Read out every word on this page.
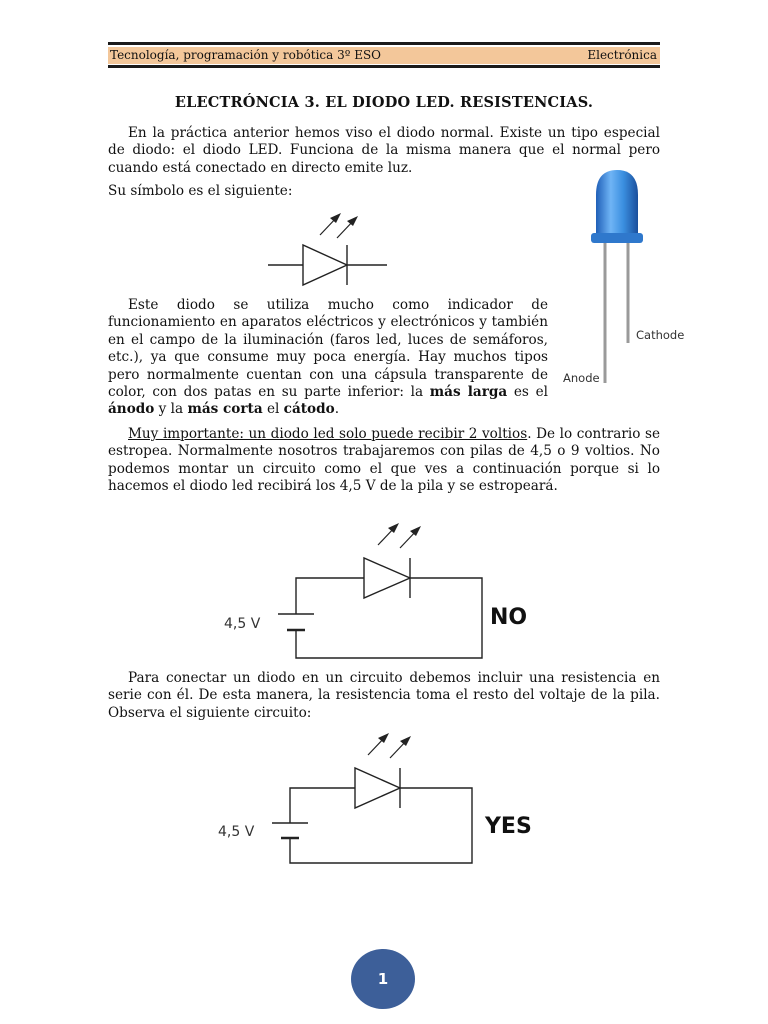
Tecnología, programación y robótica 3º ESO	Electrónica
ELECTRÓNCIA 3. EL DIODO LED. RESISTENCIAS.

En la práctica anterior hemos viso el diodo normal. Existe un tipo especial de diodo: el diodo LED. Funciona de la misma manera que el normal pero cuando está conectado en directo emite luz.

Su símbolo es el siguiente:

Cathode
Anode

Este diodo se utiliza mucho como indicador de funcionamiento en aparatos eléctricos y electrónicos y también en el campo de la iluminación (faros led, luces de semáforos, etc.), ya que consume muy poca energía. Hay muchos tipos pero normalmente cuentan con una cápsula transparente de color, con dos patas en su parte inferior: la más larga es el ánodo y la más corta el cátodo.

Muy importante: un diodo led solo puede recibir 2 voltios. De lo contrario se estropea. Normalmente nosotros trabajaremos con pilas de 4,5 o 9 voltios. No podemos montar un circuito como el que ves a continuación porque si lo hacemos el diodo led recibirá los 4,5 V de la pila y se estropeará.

4,5 V	NO

Para conectar un diodo en un circuito debemos incluir una resistencia en serie con él. De esta manera, la resistencia toma el resto del voltaje de la pila. Observa el siguiente circuito:

4,5 V	YES
1
